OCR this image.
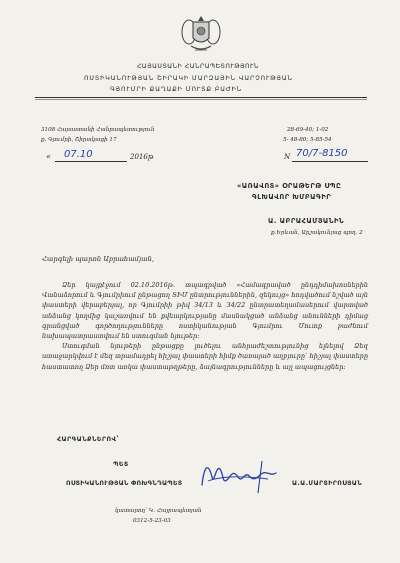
ՀԱՅԱՍՏԱՆԻ ՀԱՆՐԱՊԵՏՈՒԹՅՈՒՆ
ՈՍՏԻԿԱՆՈՒԹՅԱՆ ՇԻՐԱԿԻ ՄԱՐԶԱՅԻՆ ՎԱՐՉՈՒԹՅԱՆ
ԳՅՈՒՄՐԻ ՔԱՂԱՔԻ ՄՈՒՏՔ ԲԱԺԻՆ
3108 Հայաստանի Հանրապետություն
ք. Գյումրի, Շիրակացի 17
28-69-40; 1-02
5- 48-80; 5-85-54
« 07.10	2016թ	N 70/7-8150
«ԱՌԱՎՈՏ» ՕՐԱԹԵՐԹ ՍՊԸ
ԳԼԽԱՎՈՐ ԽՄԲԱԳԻՐ
Ա. ԱԲՐԱՀԱՄՅԱՆԻՆ
ք.Երևան, Արշակունյաց պող. 2
Հարգելի պարոն Աբրահամյան,

Ձեր կայքէջում 02.10.2016թ. տպագրված «Համագրաված ընդդիմախոսներին Վանաձորում և Գյումրիում ընթացող ՏԻՄ ընտրություններին, զեկույց» հոդվածում նշված այն փաստերի վերաբերյալ, որ Գյումրիի թիվ 34/13 և 34/22 ընտրատեղամասերում վարտված անձանց կողմից կաշառվում են քվեարկությանը մասնակցած անձանց անունների դիմաց գրանցված գործողությունները ոստիկանության Գյումրու Մուտք բաժնում նախապատրաստվում են ստուգման նյութեր:

Ստուգման նյութերի ընթացքը լուծելու անհրաժեշտությունից ելնելով Ձեզ առաջարկվում է մեզ տրամադրել հիշյալ փաստերի հիմք ծառայած աղբյուրը՝ հիշյալ փաստերը հաստատող Ձեր մոտ առկա փաստաթղթերը, ձայնագրությունները և այլ ապացույցներ:

ՀԱՐԳԱՆՔՆԵՐՈՎ՝
ՊԵՏ
ՈՍՏԻԿԱՆՈՒԹՅԱՆ ՓՈԽԳՆԴԱՊԵՏ	Ա.Ա.ՄԱՐՏԻՐՈՍՅԱՆ
կատարող՝ Կ. Հայրապետյան
0312-5-23-03
